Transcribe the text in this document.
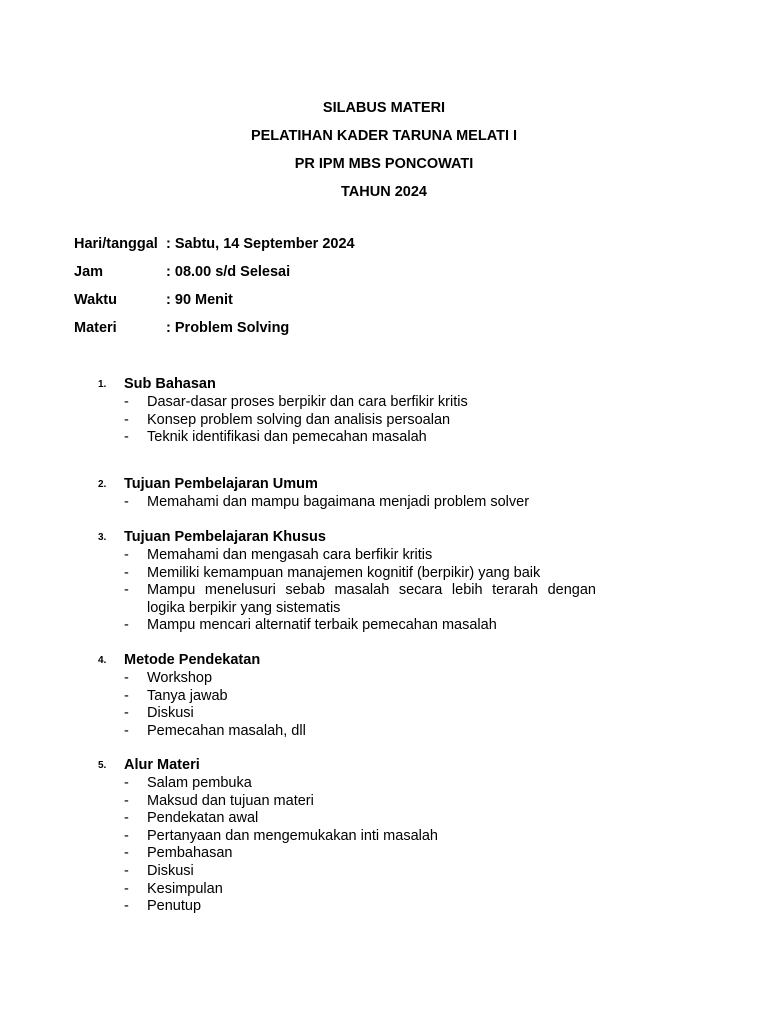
SILABUS MATERI
PELATIHAN KADER TARUNA MELATI I
PR IPM MBS PONCOWATI
TAHUN 2024
Hari/tanggal : Sabtu, 14 September 2024
Jam	: 08.00 s/d Selesai
Waktu	: 90 Menit
Materi	: Problem Solving
1. Sub Bahasan
- Dasar-dasar proses berpikir dan cara berfikir kritis
- Konsep problem solving dan analisis persoalan
- Teknik identifikasi dan pemecahan masalah
2. Tujuan Pembelajaran Umum
- Memahami dan mampu bagaimana menjadi problem solver
3. Tujuan Pembelajaran Khusus
- Memahami dan mengasah cara berfikir kritis
- Memiliki kemampuan manajemen kognitif (berpikir) yang baik
- Mampu menelusuri sebab masalah secara lebih terarah dengan logika berpikir yang sistematis
- Mampu mencari alternatif terbaik pemecahan masalah
4. Metode Pendekatan
- Workshop
- Tanya jawab
- Diskusi
- Pemecahan masalah, dll
5. Alur Materi
- Salam pembuka
- Maksud dan tujuan materi
- Pendekatan awal
- Pertanyaan dan mengemukakan inti masalah
- Pembahasan
- Diskusi
- Kesimpulan
- Penutup
